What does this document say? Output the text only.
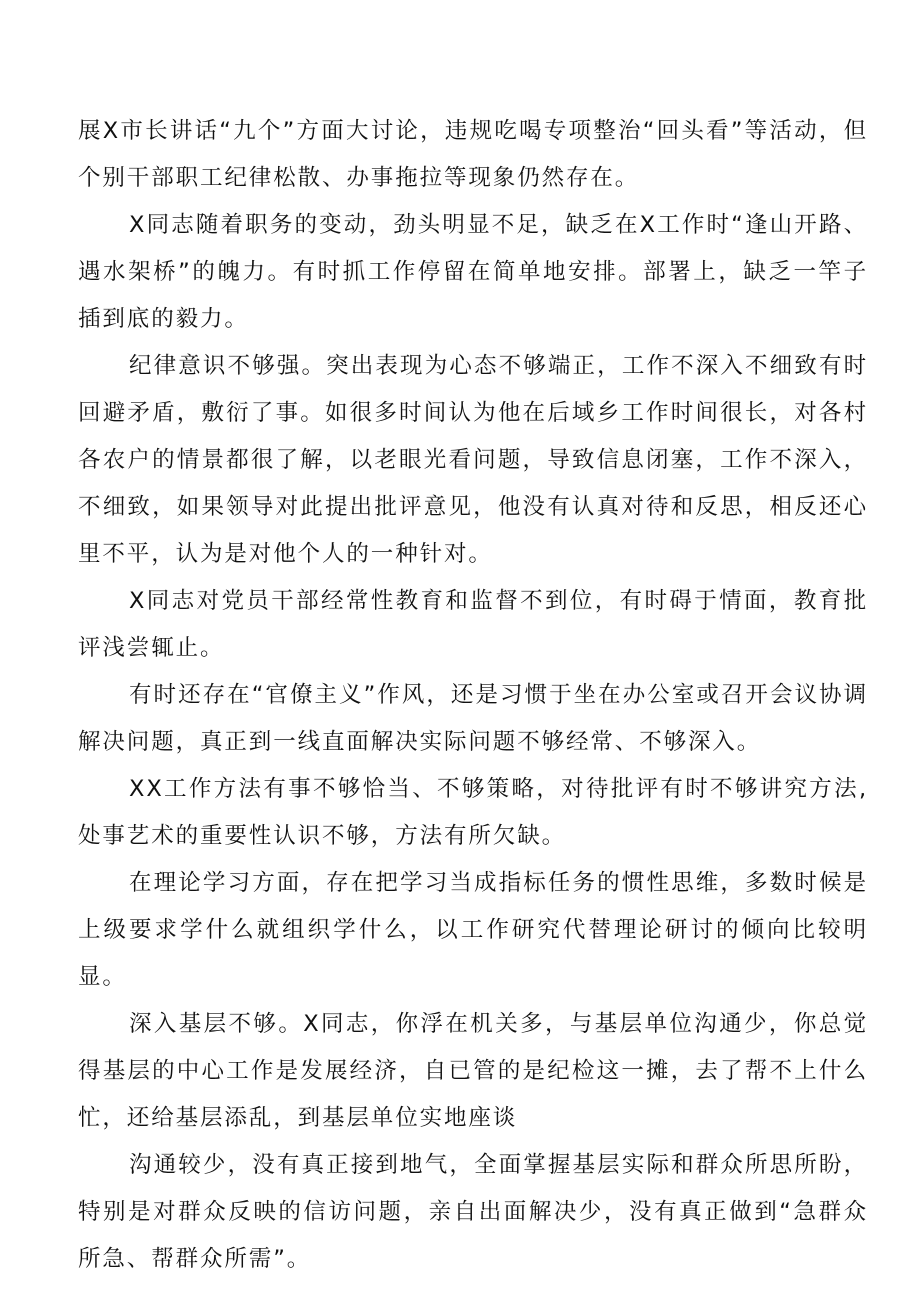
展X市长讲话“九个”方面大讨论，违规吃喝专项整治“回头看”等活动，但个别干部职工纪律松散、办事拖拉等现象仍然存在。

X同志随着职务的变动，劲头明显不足，缺乏在X工作时“逢山开路、遇水架桥”的魄力。有时抓工作停留在简单地安排。部署上，缺乏一竿子插到底的毅力。

纪律意识不够强。突出表现为心态不够端正，工作不深入不细致有时回避矛盾，敷衍了事。如很多时间认为他在后域乡工作时间很长，对各村各农户的情景都很了解，以老眼光看问题，导致信息闭塞，工作不深入，不细致，如果领导对此提出批评意见，他没有认真对待和反思，相反还心里不平，认为是对他个人的一种针对。

X同志对党员干部经常性教育和监督不到位，有时碍于情面，教育批评浅尝辄止。

有时还存在“官僚主义”作风，还是习惯于坐在办公室或召开会议协调解决问题，真正到一线直面解决实际问题不够经常、不够深入。

XX工作方法有事不够恰当、不够策略，对待批评有时不够讲究方法,处事艺术的重要性认识不够，方法有所欠缺。

在理论学习方面，存在把学习当成指标任务的惯性思维，多数时候是上级要求学什么就组织学什么，以工作研究代替理论研讨的倾向比较明显。

深入基层不够。X同志，你浮在机关多，与基层单位沟通少，你总觉得基层的中心工作是发展经济，自已管的是纪检这一摊，去了帮不上什么忙，还给基层添乱，到基层单位实地座谈

沟通较少，没有真正接到地气，全面掌握基层实际和群众所思所盼，特别是对群众反映的信访问题，亲自出面解决少，没有真正做到“急群众所急、帮群众所需”。
